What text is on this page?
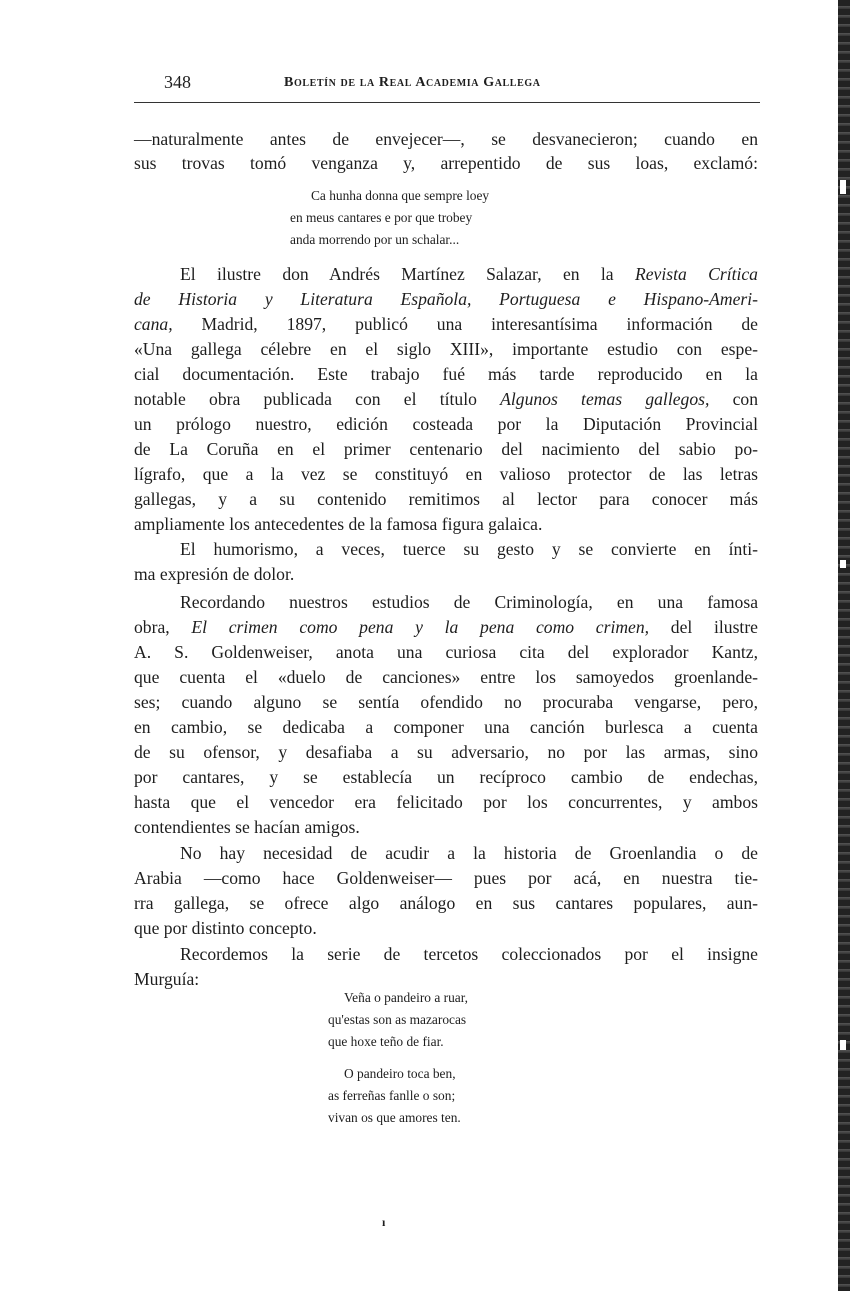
348	Boletín de la Real Academia Gallega
—naturalmente antes de envejecer—, se desvanecieron; cuando en
sus trovas tomó venganza y, arrepentido de sus loas, exclamó:
Ca hunha donna que sempre loey
en meus cantares e por que trobey
anda morrendo por un schalar...
El ilustre don Andrés Martínez Salazar, en la Revista Crítica
de Historia y Literatura Española, Portuguesa e Hispano-Ameri-
cana, Madrid, 1897, publicó una interesantísima información de
«Una gallega célebre en el siglo XIII», importante estudio con espe-
cial documentación. Este trabajo fué más tarde reproducido en la
notable obra publicada con el título Algunos temas gallegos, con
un prólogo nuestro, edición costeada por la Diputación Provincial
de La Coruña en el primer centenario del nacimiento del sabio po-
lígrafo, que a la vez se constituyó en valioso protector de las letras
gallegas, y a su contenido remitimos al lector para conocer más
ampliamente los antecedentes de la famosa figura galaica.
El humorismo, a veces, tuerce su gesto y se convierte en ínti-
ma expresión de dolor.
Recordando nuestros estudios de Criminología, en una famosa
obra, El crimen como pena y la pena como crimen, del ilustre
A. S. Goldenweiser, anota una curiosa cita del explorador Kantz,
que cuenta el «duelo de canciones» entre los samoyedos groenlande-
ses; cuando alguno se sentía ofendido no procuraba vengarse, pero,
en cambio, se dedicaba a componer una canción burlesca a cuenta
de su ofensor, y desafiaba a su adversario, no por las armas, sino
por cantares, y se establecía un recíproco cambio de endechas,
hasta que el vencedor era felicitado por los concurrentes, y ambos
contendientes se hacían amigos.
No hay necesidad de acudir a la historia de Groenlandia o de
Arabia —como hace Goldenweiser— pues por acá, en nuestra tie-
rra gallega, se ofrece algo análogo en sus cantares populares, aun-
que por distinto concepto.
Recordemos la serie de tercetos coleccionados por el insigne
Murguía:
Veña o pandeiro a ruar,
qu'estas son as mazarocas
que hoxe teño de fiar.
O pandeiro toca ben,
as ferreñas fanlle o son;
vivan os que amores ten.
ı
